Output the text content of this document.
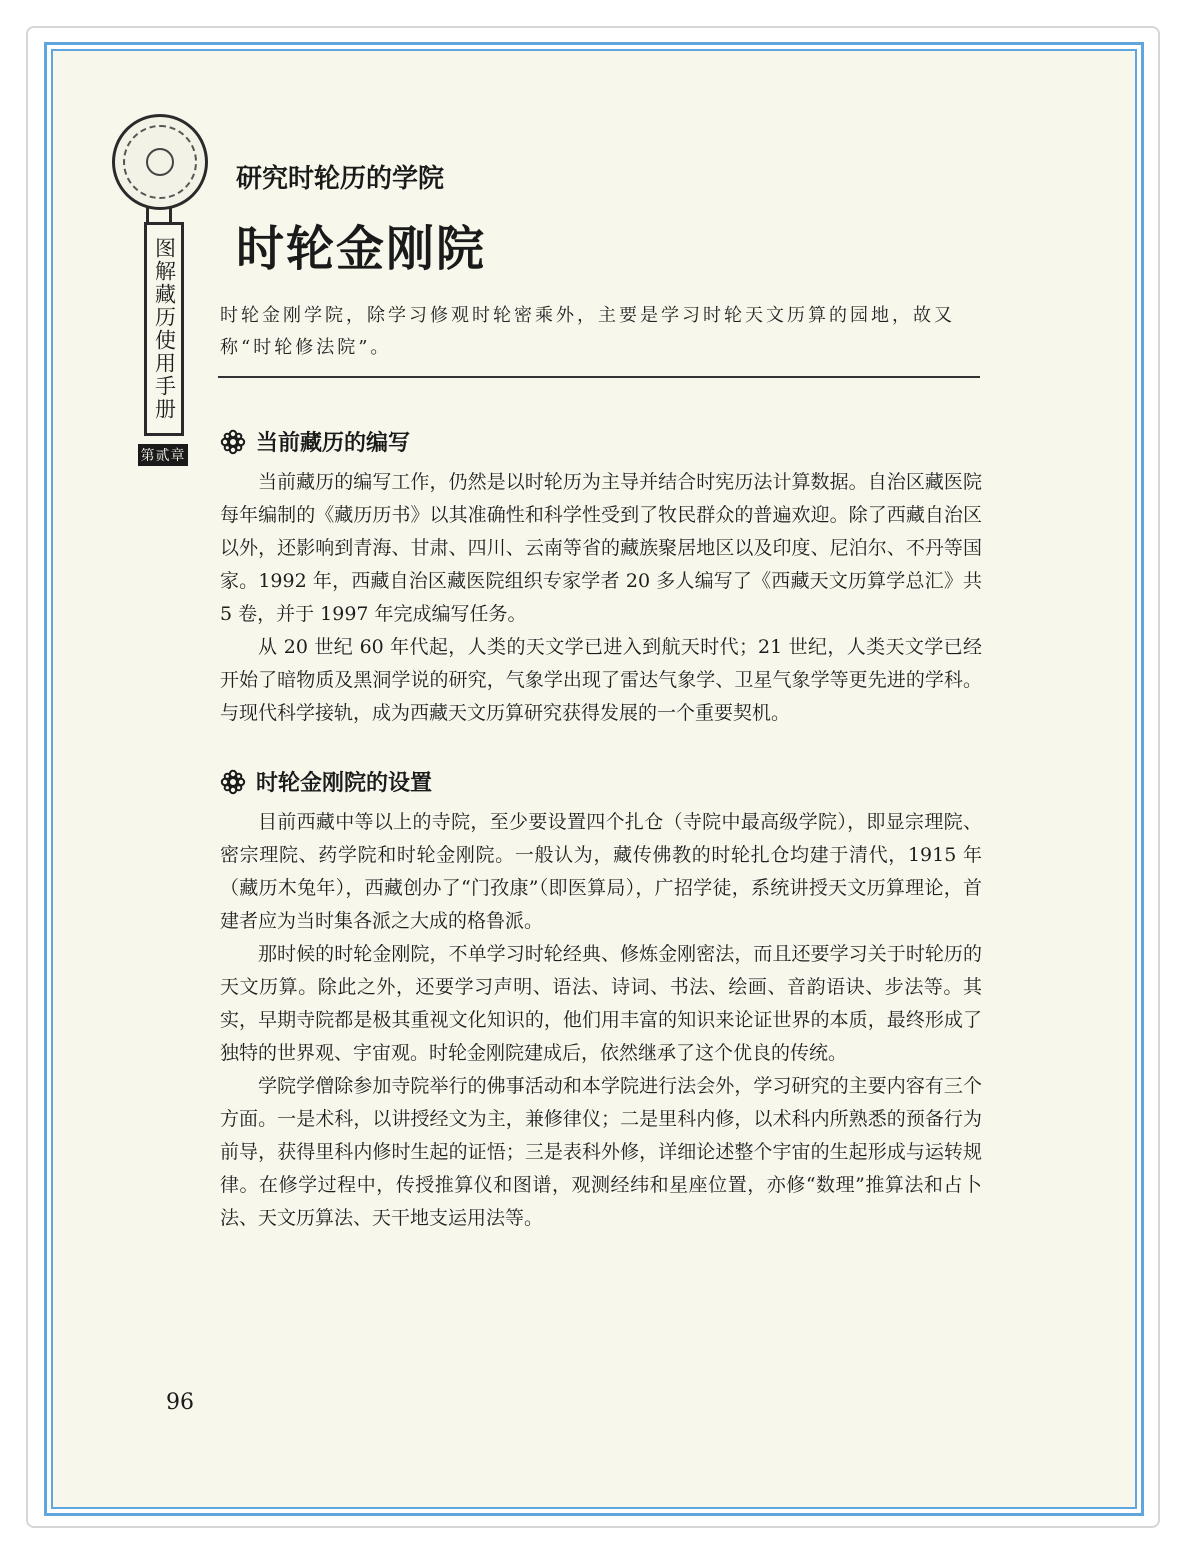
图解藏历使用手册
第贰章
研究时轮历的学院
时轮金刚院

时轮金刚学院，除学习修观时轮密乘外，主要是学习时轮天文历算的园地，故又称“时轮修法院”。

当前藏历的编写

当前藏历的编写工作，仍然是以时轮历为主导并结合时宪历法计算数据。自治区藏医院每年编制的《藏历历书》以其准确性和科学性受到了牧民群众的普遍欢迎。除了西藏自治区以外，还影响到青海、甘肃、四川、云南等省的藏族聚居地区以及印度、尼泊尔、不丹等国家。1992 年，西藏自治区藏医院组织专家学者 20 多人编写了《西藏天文历算学总汇》共 5 卷，并于 1997 年完成编写任务。

从 20 世纪 60 年代起，人类的天文学已进入到航天时代；21 世纪，人类天文学已经开始了暗物质及黑洞学说的研究，气象学出现了雷达气象学、卫星气象学等更先进的学科。与现代科学接轨，成为西藏天文历算研究获得发展的一个重要契机。

时轮金刚院的设置

目前西藏中等以上的寺院，至少要设置四个扎仓（寺院中最高级学院），即显宗理院、密宗理院、药学院和时轮金刚院。一般认为，藏传佛教的时轮扎仓均建于清代，1915 年（藏历木兔年），西藏创办了“门孜康”（即医算局），广招学徒，系统讲授天文历算理论，首建者应为当时集各派之大成的格鲁派。

那时候的时轮金刚院，不单学习时轮经典、修炼金刚密法，而且还要学习关于时轮历的天文历算。除此之外，还要学习声明、语法、诗词、书法、绘画、音韵语诀、步法等。其实，早期寺院都是极其重视文化知识的，他们用丰富的知识来论证世界的本质，最终形成了独特的世界观、宇宙观。时轮金刚院建成后，依然继承了这个优良的传统。

学院学僧除参加寺院举行的佛事活动和本学院进行法会外，学习研究的主要内容有三个方面。一是术科，以讲授经文为主，兼修律仪；二是里科内修，以术科内所熟悉的预备行为前导，获得里科内修时生起的证悟；三是表科外修，详细论述整个宇宙的生起形成与运转规律。在修学过程中，传授推算仪和图谱，观测经纬和星座位置，亦修“数理”推算法和占卜法、天文历算法、天干地支运用法等。

96
